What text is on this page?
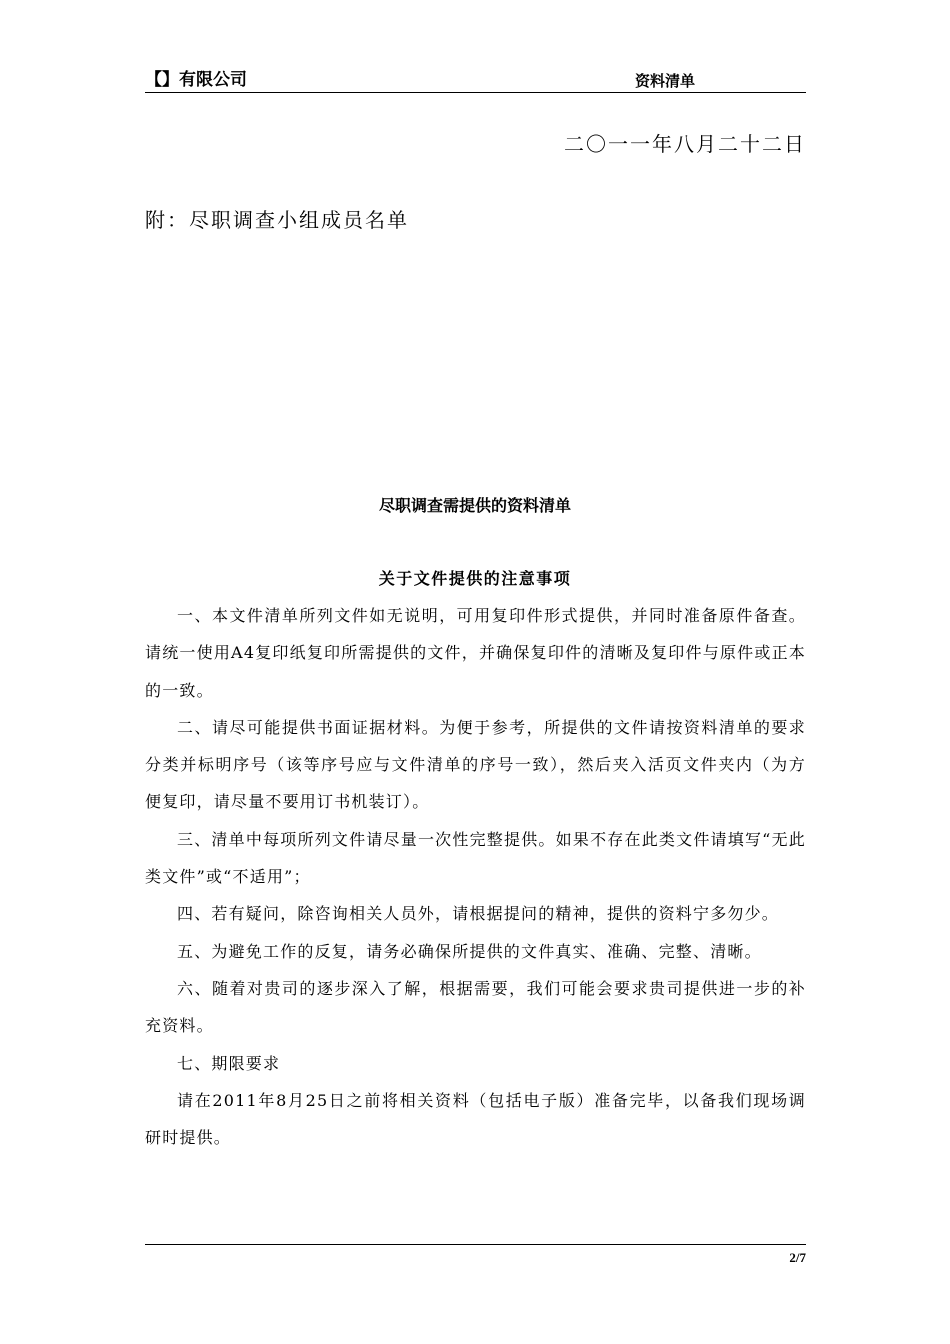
【】有限公司	资料清单
二〇一一年八月二十二日
附：尽职调查小组成员名单
尽职调查需提供的资料清单
关于文件提供的注意事项

一、本文件清单所列文件如无说明，可用复印件形式提供，并同时准备原件备查。请统一使用A4复印纸复印所需提供的文件，并确保复印件的清晰及复印件与原件或正本的一致。

二、请尽可能提供书面证据材料。为便于参考，所提供的文件请按资料清单的要求分类并标明序号（该等序号应与文件清单的序号一致），然后夹入活页文件夹内（为方便复印，请尽量不要用订书机装订）。

三、清单中每项所列文件请尽量一次性完整提供。如果不存在此类文件请填写“无此类文件”或“不适用”；

四、若有疑问，除咨询相关人员外，请根据提问的精神，提供的资料宁多勿少。

五、为避免工作的反复，请务必确保所提供的文件真实、准确、完整、清晰。

六、随着对贵司的逐步深入了解，根据需要，我们可能会要求贵司提供进一步的补充资料。

七、期限要求

请在2011年8月25日之前将相关资料（包括电子版）准备完毕，以备我们现场调研时提供。

2/7
